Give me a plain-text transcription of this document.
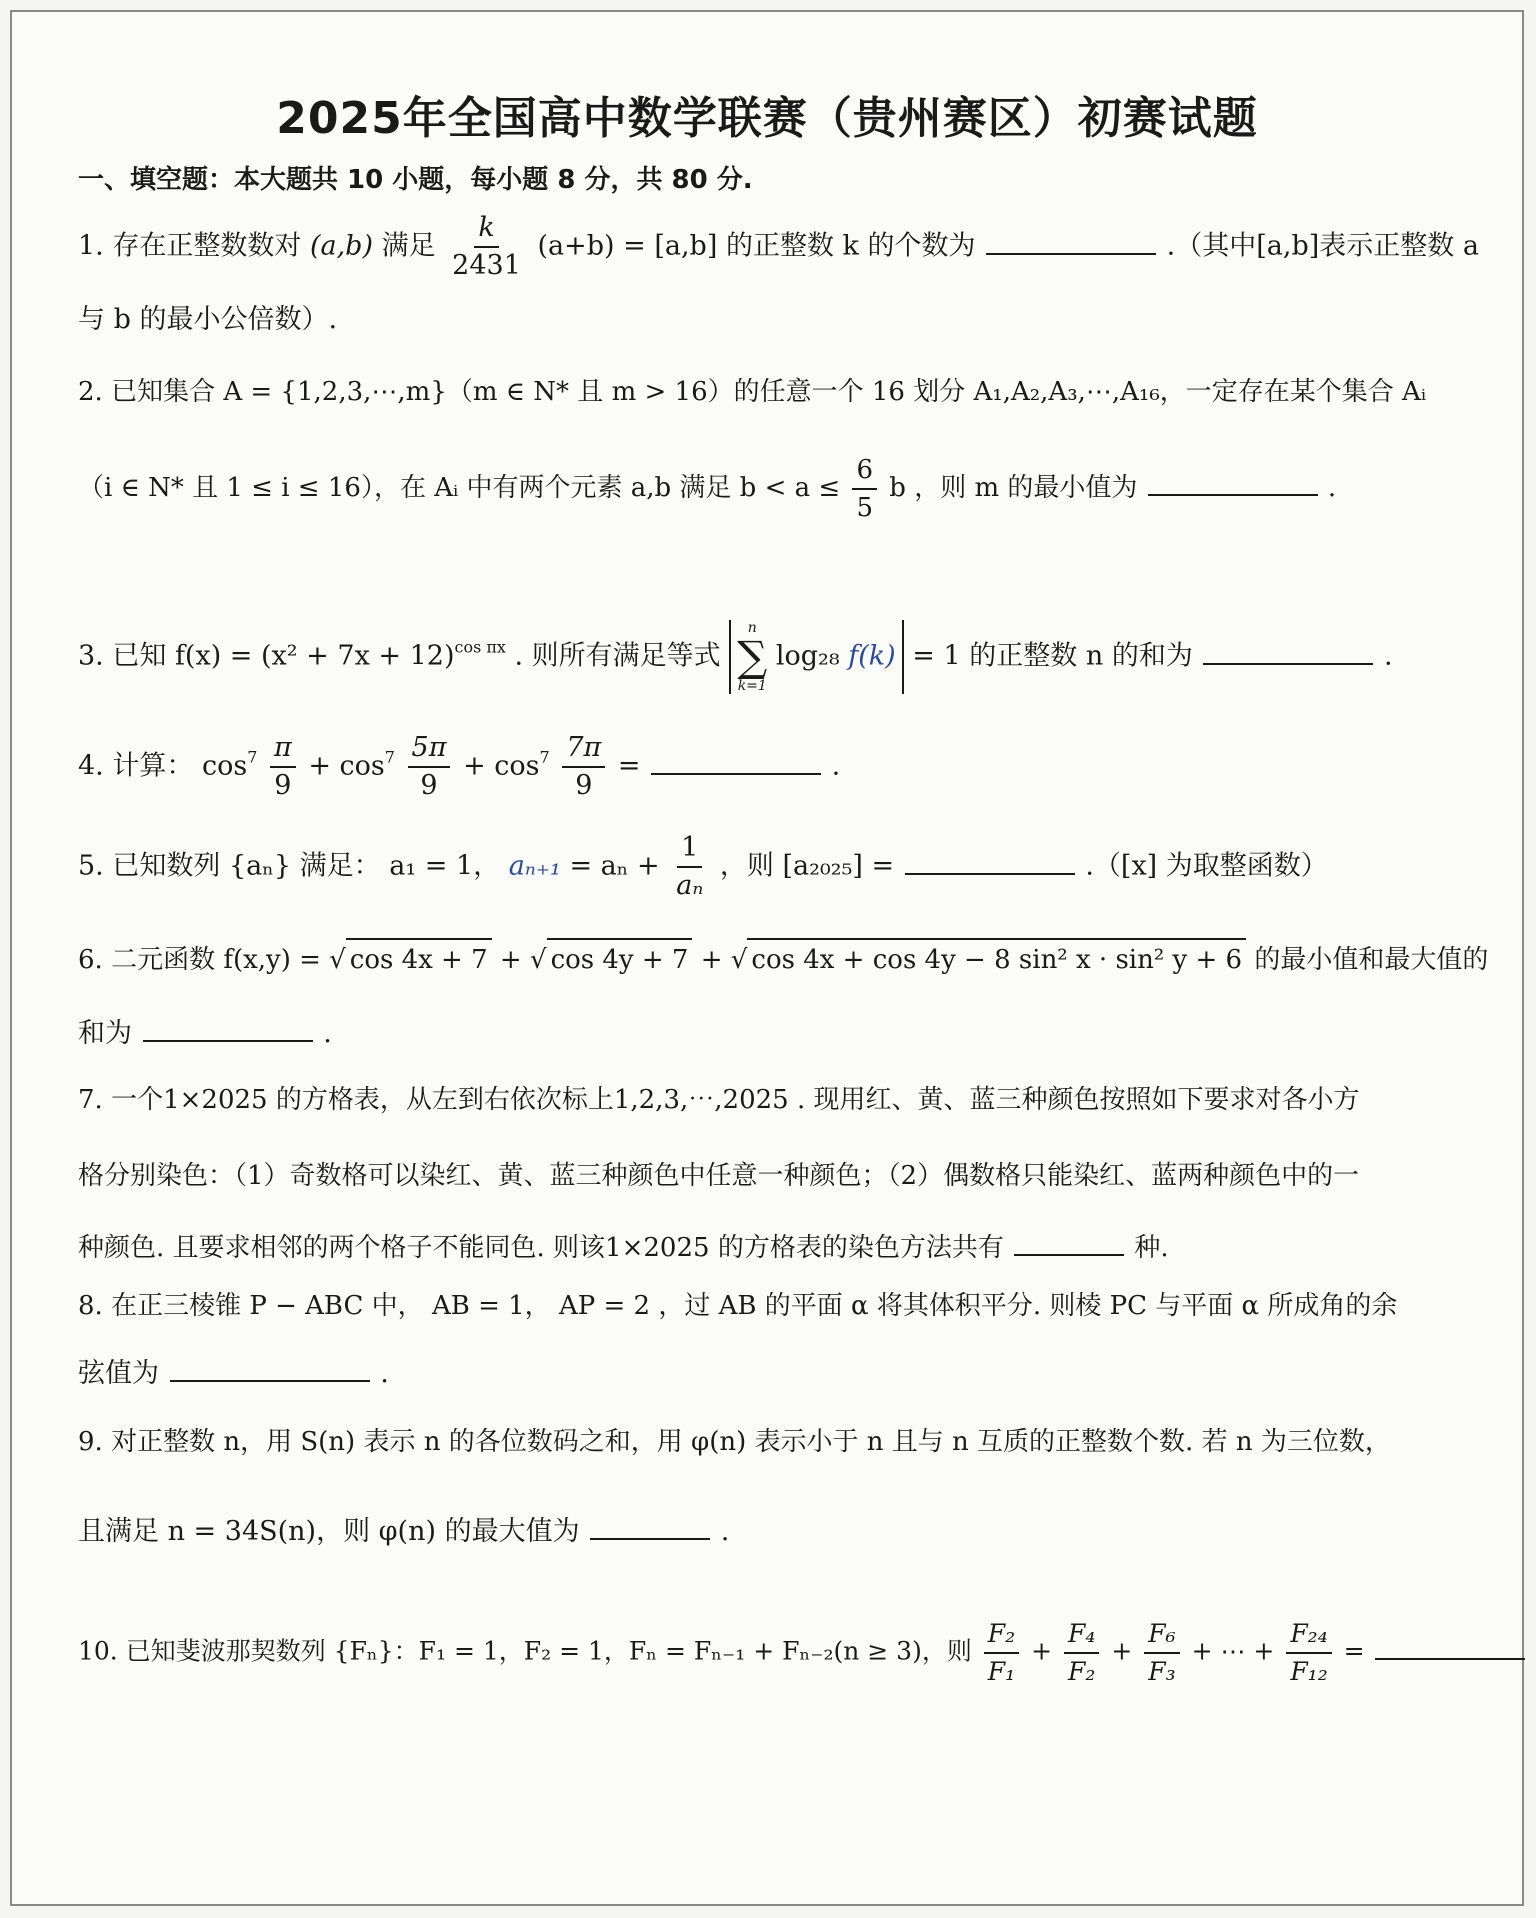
2025年全国高中数学联赛（贵州赛区）初赛试题
一、填空题：本大题共 10 小题，每小题 8 分，共 80 分.
1. 存在正整数数对 (a,b) 满足 $\frac{k}{2431} (a+b) = [a,b]$ 的正整数 k 的个数为	.（其中[a,b]表示正整数 a
与 b 的最小公倍数）.
2. 已知集合 A = {1,2,3,⋯,m}（m ∈ N* 且 m > 16）的任意一个 16 划分 A₁,A₂,A₃,⋯,A₁₆，一定存在某个集合 Aᵢ
（i ∈ N* 且 1 ≤ i ≤ 16），在 Aᵢ 中有两个元素 a,b 满足 $b < a \le \frac{6}{5}$ b ，则 m 的最小值为	.
3. 已知 $f(x) = (x^2 + 7x + 12)^{cos \pi x}$ . 则所有满足等式
n
∑
k=1
log₂₈ f(k) = 1 的正整数 n 的和为	.
4. 计算： $\cos^7 \frac{\pi}{9} + \cos^7 \frac{5\pi}{9} + \cos^7 \frac{7\pi}{9}$ =	.
5. 已知数列 {aₙ} 满足： a₁ = 1， $a_{n+1} = a_n + \frac{1}{\text{aₙ}}$ ，则 [a₂₀₂₅] =	.（[x] 为取整函数）
6. 二元函数 f(x,y) = √ cos 4x + 7 + √ cos 4y + 7 + √ cos 4x + cos 4y − 8 sin² x · sin² y + 6 的最小值和最大值的
和为	.
7. 一个1×2025 的方格表，从左到右依次标上1,2,3,⋯,2025 . 现用红、黄、蓝三种颜色按照如下要求对各小方
格分别染色：（1）奇数格可以染红、黄、蓝三种颜色中任意一种颜色；（2）偶数格只能染红、蓝两种颜色中的一
种颜色. 且要求相邻的两个格子不能同色. 则该1×2025 的方格表的染色方法共有	种.
8. 在正三棱锥 P − ABC 中， AB = 1， AP = 2 ，过 AB 的平面 α 将其体积平分. 则棱 PC 与平面 α 所成角的余
弦值为	.
9. 对正整数 n，用 S(n) 表示 n 的各位数码之和，用 φ(n) 表示小于 n 且与 n 互质的正整数个数. 若 n 为三位数，
且满足 n = 34S(n)，则 φ(n) 的最大值为	.
10. 已知斐波那契数列 {Fₙ}：F₁ = 1，F₂ = 1，Fₙ = Fₙ₋₁ + Fₙ₋₂(n ≥ 3)，则 $\frac{\text{F₂}}{\text{F₁}} + \frac{\text{F₄}}{\text{F₂}} + \frac{\text{F₆}}{\text{F₃}}$ + ⋯ + $\frac{\text{F₂₄}}{\text{F₁₂}}$ =
